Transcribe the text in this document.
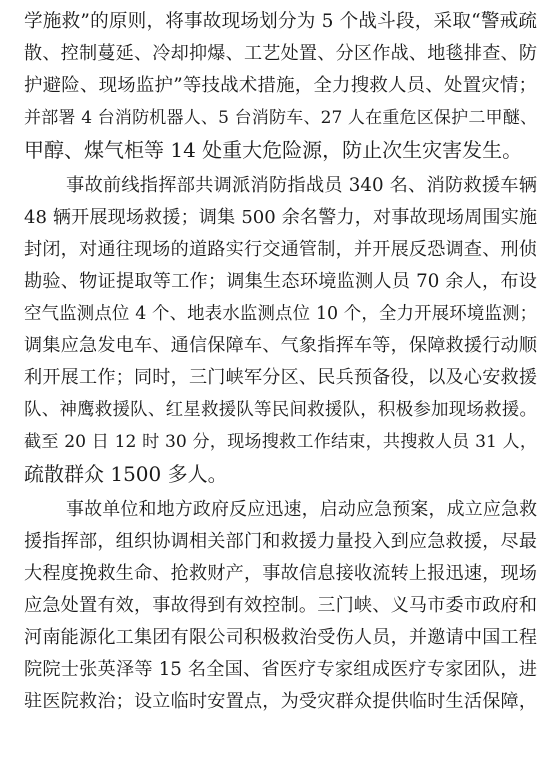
学施救”的原则，将事故现场划分为 5 个战斗段，采取“警戒疏
散、控制蔓延、冷却抑爆、工艺处置、分区作战、地毯排查、防
护避险、现场监护”等技战术措施，全力搜救人员、处置灾情；
并部署 4 台消防机器人、5 台消防车、27 人在重危区保护二甲醚、
甲醇、煤气柜等 14 处重大危险源，防止次生灾害发生。
事故前线指挥部共调派消防指战员 340 名、消防救援车辆
48 辆开展现场救援；调集 500 余名警力，对事故现场周围实施
封闭，对通往现场的道路实行交通管制，并开展反恐调查、刑侦
勘验、物证提取等工作；调集生态环境监测人员 70 余人，布设
空气监测点位 4 个、地表水监测点位 10 个，全力开展环境监测；
调集应急发电车、通信保障车、气象指挥车等，保障救援行动顺
利开展工作；同时，三门峡军分区、民兵预备役，以及心安救援
队、神鹰救援队、红星救援队等民间救援队，积极参加现场救援。
截至 20 日 12 时 30 分，现场搜救工作结束，共搜救人员 31 人，
疏散群众 1500 多人。
事故单位和地方政府反应迅速，启动应急预案，成立应急救
援指挥部，组织协调相关部门和救援力量投入到应急救援，尽最
大程度挽救生命、抢救财产，事故信息接收流转上报迅速，现场
应急处置有效，事故得到有效控制。三门峡、义马市委市政府和
河南能源化工集团有限公司积极救治受伤人员，并邀请中国工程
院院士张英泽等 15 名全国、省医疗专家组成医疗专家团队，进
驻医院救治；设立临时安置点，为受灾群众提供临时生活保障，
